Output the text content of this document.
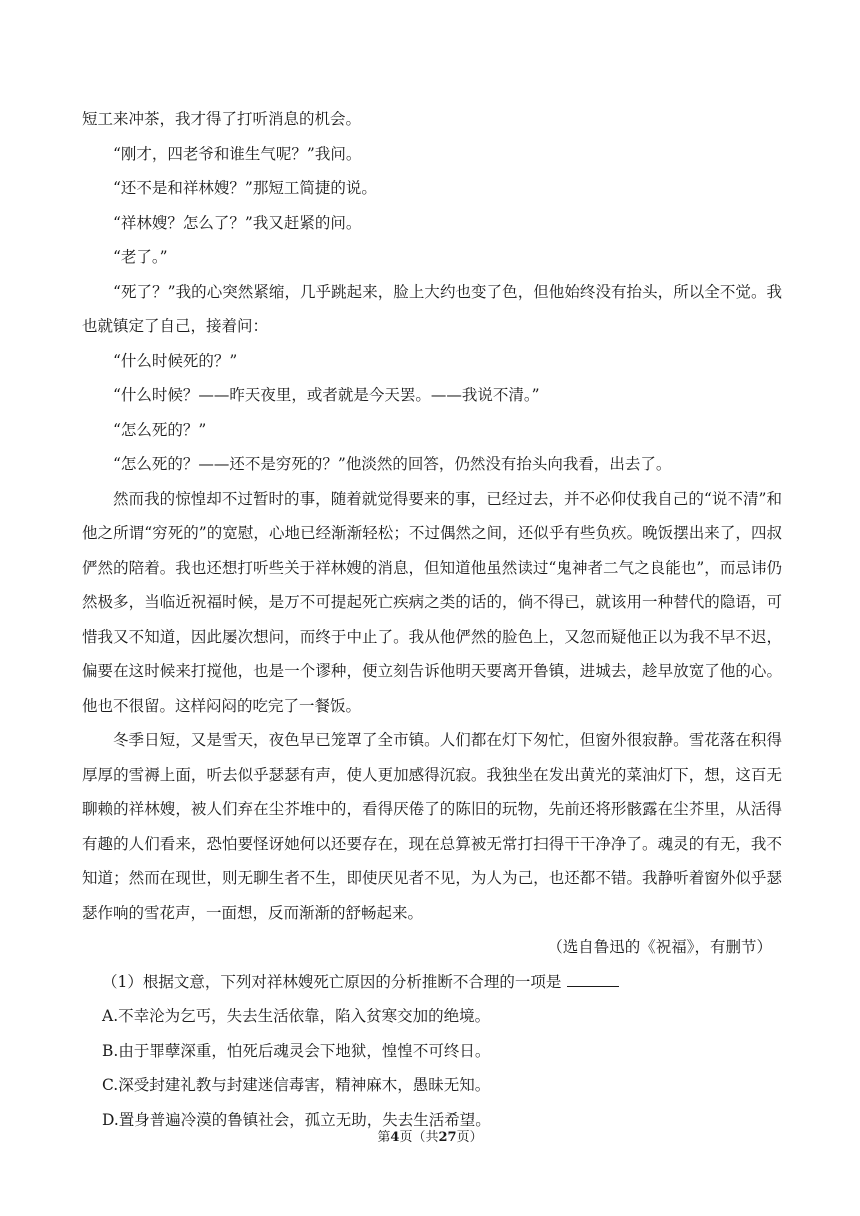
短工来冲茶，我才得了打听消息的机会。

“刚才，四老爷和谁生气呢？”我问。

“还不是和祥林嫂？”那短工简捷的说。

“祥林嫂？怎么了？”我又赶紧的问。

“老了。”

“死了？”我的心突然紧缩，几乎跳起来，脸上大约也变了色，但他始终没有抬头，所以全不觉。我也就镇定了自己，接着问：

“什么时候死的？”

“什么时候？——昨天夜里，或者就是今天罢。——我说不清。”

“怎么死的？”

“怎么死的？——还不是穷死的？”他淡然的回答，仍然没有抬头向我看，出去了。

然而我的惊惶却不过暂时的事，随着就觉得要来的事，已经过去，并不必仰仗我自己的“说不清”和他之所谓“穷死的”的宽慰，心地已经渐渐轻松；不过偶然之间，还似乎有些负疚。晚饭摆出来了，四叔俨然的陪着。我也还想打听些关于祥林嫂的消息，但知道他虽然读过“鬼神者二气之良能也”，而忌讳仍然极多，当临近祝福时候，是万不可提起死亡疾病之类的话的，倘不得已，就该用一种替代的隐语，可惜我又不知道，因此屡次想问，而终于中止了。我从他俨然的脸色上，又忽而疑他正以为我不早不迟，偏要在这时候来打搅他，也是一个谬种，便立刻告诉他明天要离开鲁镇，进城去，趁早放宽了他的心。他也不很留。这样闷闷的吃完了一餐饭。

冬季日短，又是雪天，夜色早已笼罩了全市镇。人们都在灯下匆忙，但窗外很寂静。雪花落在积得厚厚的雪褥上面，听去似乎瑟瑟有声，使人更加感得沉寂。我独坐在发出黄光的菜油灯下，想，这百无聊赖的祥林嫂，被人们弃在尘芥堆中的，看得厌倦了的陈旧的玩物，先前还将形骸露在尘芥里，从活得有趣的人们看来，恐怕要怪讶她何以还要存在，现在总算被无常打扫得干干净净了。魂灵的有无，我不知道；然而在现世，则无聊生者不生，即使厌见者不见，为人为己，也还都不错。我静听着窗外似乎瑟瑟作响的雪花声，一面想，反而渐渐的舒畅起来。

（选自鲁迅的《祝福》，有删节）

（1）根据文意，下列对祥林嫂死亡原因的分析推断不合理的一项是

A.不幸沦为乞丐，失去生活依靠，陷入贫寒交加的绝境。

B.由于罪孽深重，怕死后魂灵会下地狱，惶惶不可终日。

C.深受封建礼教与封建迷信毒害，精神麻木，愚昧无知。

D.置身普遍冷漠的鲁镇社会，孤立无助，失去生活希望。

第4页（共27页）
